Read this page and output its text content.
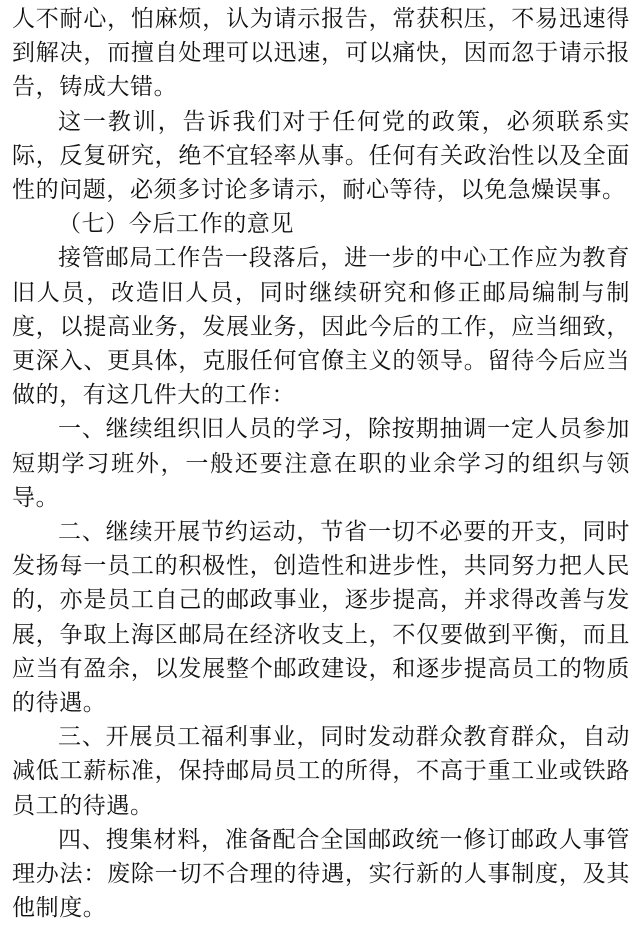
人不耐心，怕麻烦，认为请示报告，常获积压，不易迅速得到解决，而擅自处理可以迅速，可以痛快，因而忽于请示报告，铸成大错。

这一教训，告诉我们对于任何党的政策，必须联系实际，反复研究，绝不宜轻率从事。任何有关政治性以及全面性的问题，必须多讨论多请示，耐心等待，以免急燥误事。

（七）今后工作的意见

接管邮局工作告一段落后，进一步的中心工作应为教育旧人员，改造旧人员，同时继续研究和修正邮局编制与制度，以提高业务，发展业务，因此今后的工作，应当细致，更深入、更具体，克服任何官僚主义的领导。留待今后应当做的，有这几件大的工作：

一、继续组织旧人员的学习，除按期抽调一定人员参加短期学习班外，一般还要注意在职的业余学习的组织与领导。

二、继续开展节约运动，节省一切不必要的开支，同时发扬每一员工的积极性，创造性和进步性，共同努力把人民的，亦是员工自己的邮政事业，逐步提高，并求得改善与发展，争取上海区邮局在经济收支上，不仅要做到平衡，而且应当有盈余，以发展整个邮政建设，和逐步提高员工的物质的待遇。

三、开展员工福利事业，同时发动群众教育群众，自动减低工薪标准，保持邮局员工的所得，不高于重工业或铁路员工的待遇。

四、搜集材料，准备配合全国邮政统一修订邮政人事管理办法：废除一切不合理的待遇，实行新的人事制度，及其他制度。
